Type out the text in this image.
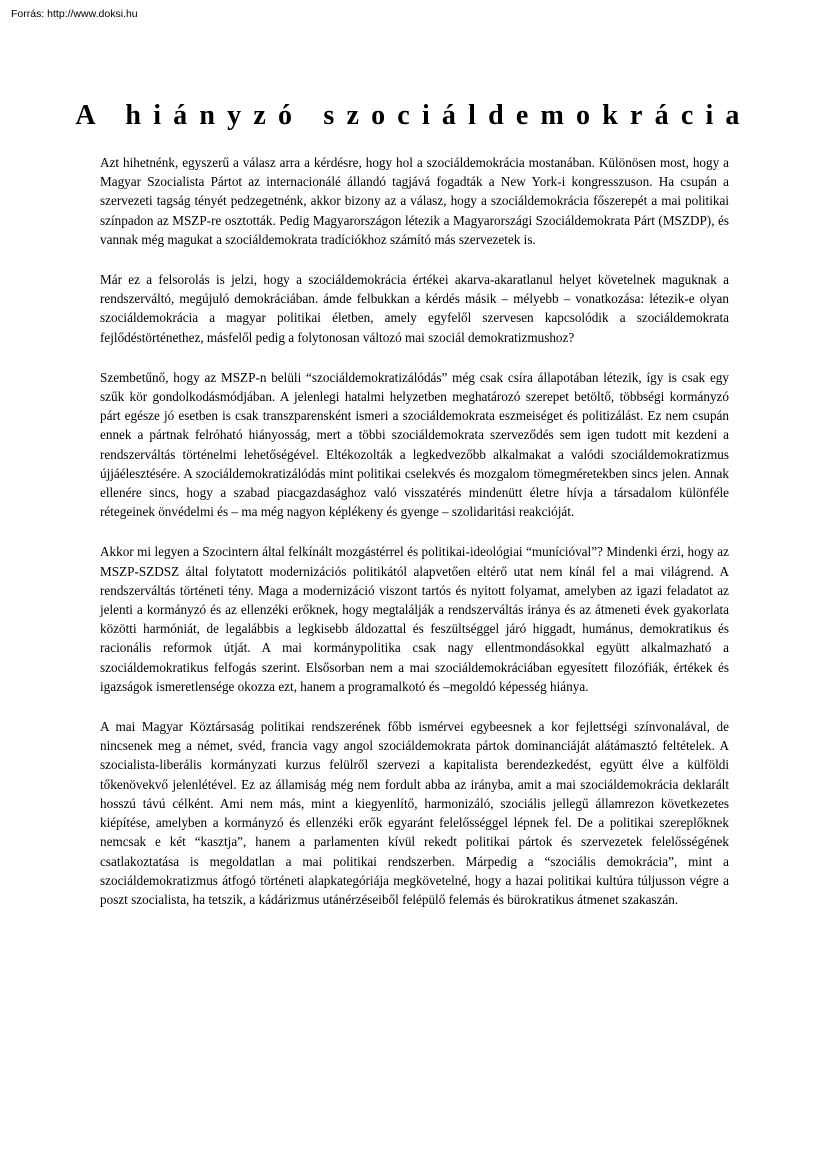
Forrás: http://www.doksi.hu
A hiányzó szociáldemokrácia

Azt hihetnénk, egyszerű a válasz arra a kérdésre, hogy hol a szociáldemokrácia mostanában. Különösen most, hogy a Magyar Szocialista Pártot az internacionálé állandó tagjává fogadták a New York-i kongresszuson. Ha csupán a szervezeti tagság tényét pedzegetnénk, akkor bizony az a válasz, hogy a szociáldemokrácia főszerepét a mai politikai színpadon az MSZP-re osztották. Pedig Magyarországon létezik a Magyarországi Szociáldemokrata Párt (MSZDP), és vannak még magukat a szociáldemokrata tradíciókhoz számító más szervezetek is.

Már ez a felsorolás is jelzi, hogy a szociáldemokrácia értékei akarva-akaratlanul helyet követelnek maguknak a rendszerváltó, megújuló demokráciában. ámde felbukkan a kérdés másik – mélyebb – vonatkozása: létezik-e olyan szociáldemokrácia a magyar politikai életben, amely egyfelől szervesen kapcsolódik a szociáldemokrata fejlődéstörténethez, másfelől pedig a folytonosan változó mai szociál demokratizmushoz?

Szembetűnő, hogy az MSZP-n belüli “szociáldemokratizálódás” még csak csíra állapotában létezik, így is csak egy szűk kör gondolkodásmódjában. A jelenlegi hatalmi helyzetben meghatározó szerepet betöltő, többségi kormányzó párt egésze jó esetben is csak transzparensként ismeri a szociáldemokrata eszmeiséget és politizálást. Ez nem csupán ennek a pártnak felróható hiányosság, mert a többi szociáldemokrata szerveződés sem igen tudott mit kezdeni a rendszerváltás történelmi lehetőségével. Eltékozolták a legkedvezőbb alkalmakat a valódi szociáldemokratizmus újjáélesztésére. A szociáldemokratizálódás mint politikai cselekvés és mozgalom tömegméretekben sincs jelen. Annak ellenére sincs, hogy a szabad piacgazdasághoz való visszatérés mindenütt életre hívja a társadalom különféle rétegeinek önvédelmi és – ma még nagyon képlékeny és gyenge – szolidaritási reakcióját.

Akkor mi legyen a Szocintern által felkínált mozgástérrel és politikai-ideológiai “munícióval”? Mindenki érzi, hogy az MSZP-SZDSZ által folytatott modernizációs politikától alapvetően eltérő utat nem kínál fel a mai világrend. A rendszerváltás történeti tény. Maga a modernizáció viszont tartós és nyitott folyamat, amelyben az igazi feladatot az jelenti a kormányzó és az ellenzéki erőknek, hogy megtalálják a rendszerváltás iránya és az átmeneti évek gyakorlata közötti harmóniát, de legalábbis a legkisebb áldozattal és feszültséggel járó higgadt, humánus, demokratikus és racionális reformok útját. A mai kormánypolitika csak nagy ellentmondásokkal együtt alkalmazható a szociáldemokratikus felfogás szerint. Elsősorban nem a mai szociáldemokráciában egyesített filozófiák, értékek és igazságok ismeretlensége okozza ezt, hanem a programalkotó és –megoldó képesség hiánya.

A mai Magyar Köztársaság politikai rendszerének főbb ismérvei egybeesnek a kor fejlettségi színvonalával, de nincsenek meg a német, svéd, francia vagy angol szociáldemokrata pártok dominanciáját alátámasztó feltételek. A szocialista-liberális kormányzati kurzus felülről szervezi a kapitalista berendezkedést, együtt élve a külföldi tőkenövekvő jelenlétével. Ez az államiság még nem fordult abba az irányba, amit a mai szociáldemokrácia deklarált hosszú távú célként. Ami nem más, mint a kiegyenlítő, harmonizáló, szociális jellegű államrezon következetes kiépítése, amelyben a kormányzó és ellenzéki erők egyaránt felelősséggel lépnek fel. De a politikai szereplőknek nemcsak e két “kasztja”, hanem a parlamenten kívül rekedt politikai pártok és szervezetek felelősségének csatlakoztatása is megoldatlan a mai politikai rendszerben. Márpedig a “szociális demokrácia”, mint a szociáldemokratizmus átfogó történeti alapkategóriája megkövetelné, hogy a hazai politikai kultúra túljusson végre a poszt szocialista, ha tetszik, a kádárizmus utánérzéseiből felépülő felemás és bürokratikus átmenet szakaszán.
